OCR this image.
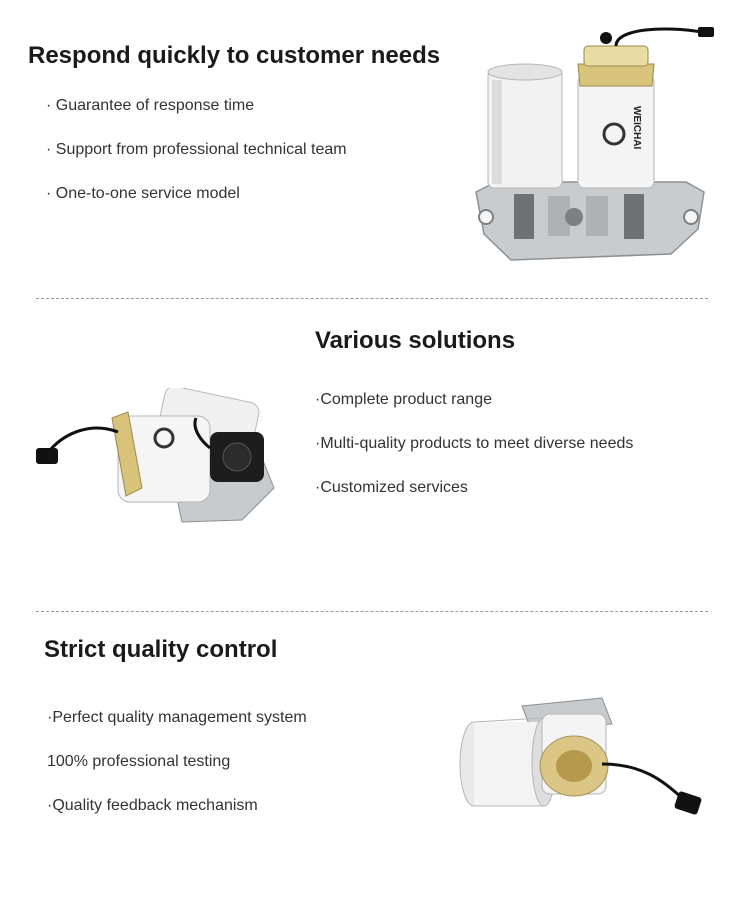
Respond quickly to customer needs
· Guarantee of response time
· Support from professional technical team
· One-to-one service model
WEICHAI
Various solutions
·Complete product range
·Multi-quality products to meet diverse needs
·Customized services
Strict quality control
·Perfect quality management system
100% professional testing
·Quality feedback mechanism
